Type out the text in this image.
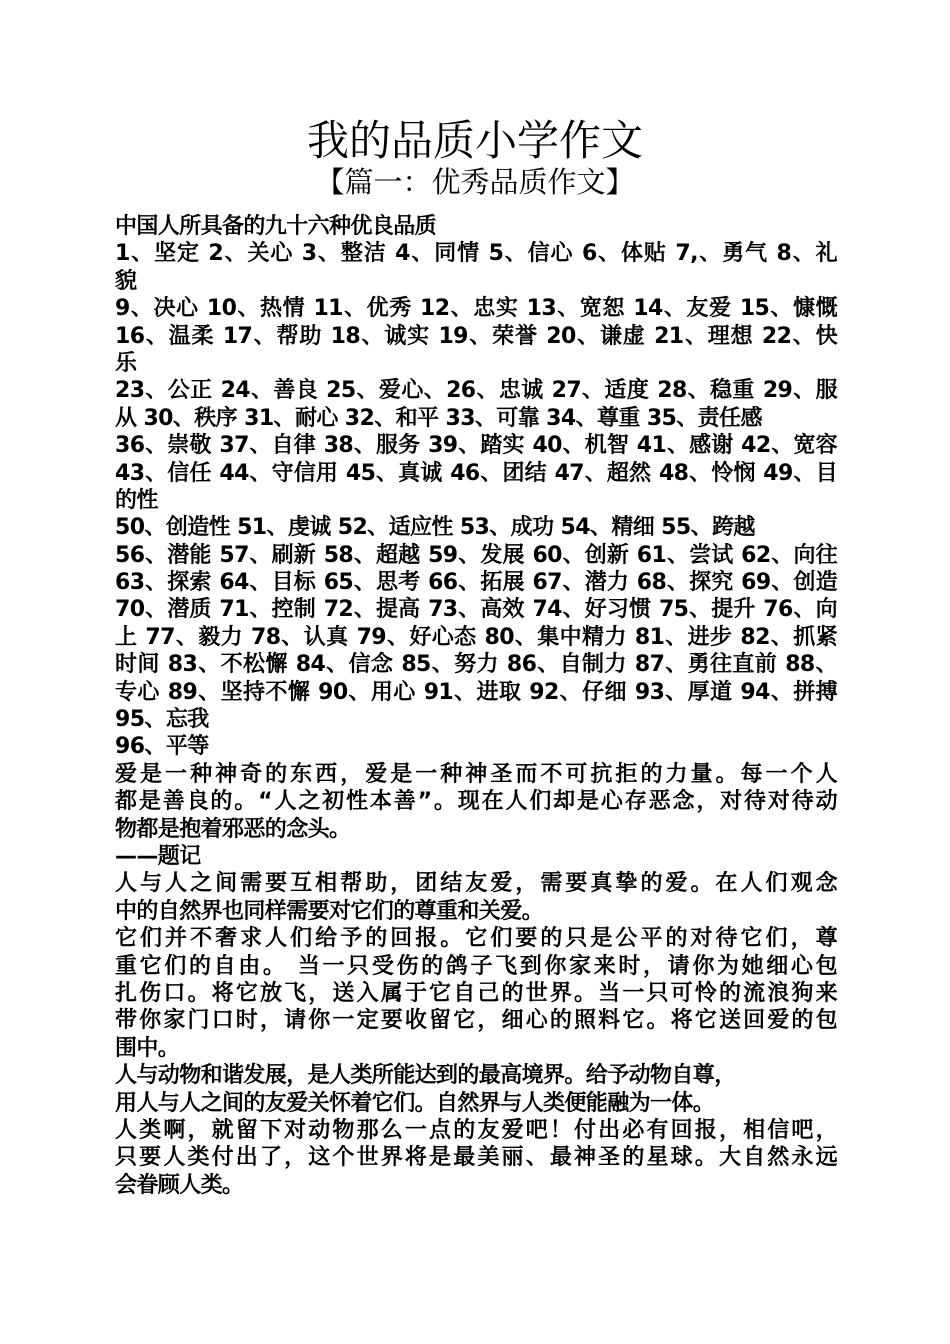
我的品质小学作文
【篇一：优秀品质作文】
中国人所具备的九十六种优良品质
1、坚定 2、关心 3、整洁 4、同情 5、信心 6、体贴 7,、勇气 8、礼
貌
9、决心 10、热情 11、优秀 12、忠实 13、宽恕 14、友爱 15、慷慨
16、温柔 17、帮助 18、诚实 19、荣誉 20、谦虚 21、理想 22、快
乐
23、公正 24、善良 25、爱心、26、忠诚 27、适度 28、稳重 29、服
从 30、秩序 31、耐心 32、和平 33、可靠 34、尊重 35、责任感
36、崇敬 37、自律 38、服务 39、踏实 40、机智 41、感谢 42、宽容
43、信任 44、守信用 45、真诚 46、团结 47、超然 48、怜悯 49、目
的性
50、创造性 51、虔诚 52、适应性 53、成功 54、精细 55、跨越
56、潜能 57、刷新 58、超越 59、发展 60、创新 61、尝试 62、向往
63、探索 64、目标 65、思考 66、拓展 67、潜力 68、探究 69、创造
70、潜质 71、控制 72、提高 73、高效 74、好习惯 75、提升 76、向
上 77、毅力 78、认真 79、好心态 80、集中精力 81、进步 82、抓紧
时间 83、不松懈 84、信念 85、努力 86、自制力 87、勇往直前 88、
专心 89、坚持不懈 90、用心 91、进取 92、仔细 93、厚道 94、拼搏
95、忘我
96、平等
爱是一种神奇的东西，爱是一种神圣而不可抗拒的力量。每一个人
都是善良的。“人之初性本善”。现在人们却是心存恶念，对待对待动
物都是抱着邪恶的念头。
——题记
人与人之间需要互相帮助，团结友爱，需要真挚的爱。在人们观念
中的自然界也同样需要对它们的尊重和关爱。
它们并不奢求人们给予的回报。它们要的只是公平的对待它们，尊
重它们的自由。 当一只受伤的鸽子飞到你家来时，请你为她细心包
扎伤口。将它放飞，送入属于它自己的世界。当一只可怜的流浪狗来
带你家门口时，请你一定要收留它，细心的照料它。将它送回爱的包
围中。
人与动物和谐发展，是人类所能达到的最高境界。给予动物自尊，
用人与人之间的友爱关怀着它们。自然界与人类便能融为一体。
人类啊，就留下对动物那么一点的友爱吧！付出必有回报，相信吧，
只要人类付出了，这个世界将是最美丽、最神圣的星球。大自然永远
会眷顾人类。
